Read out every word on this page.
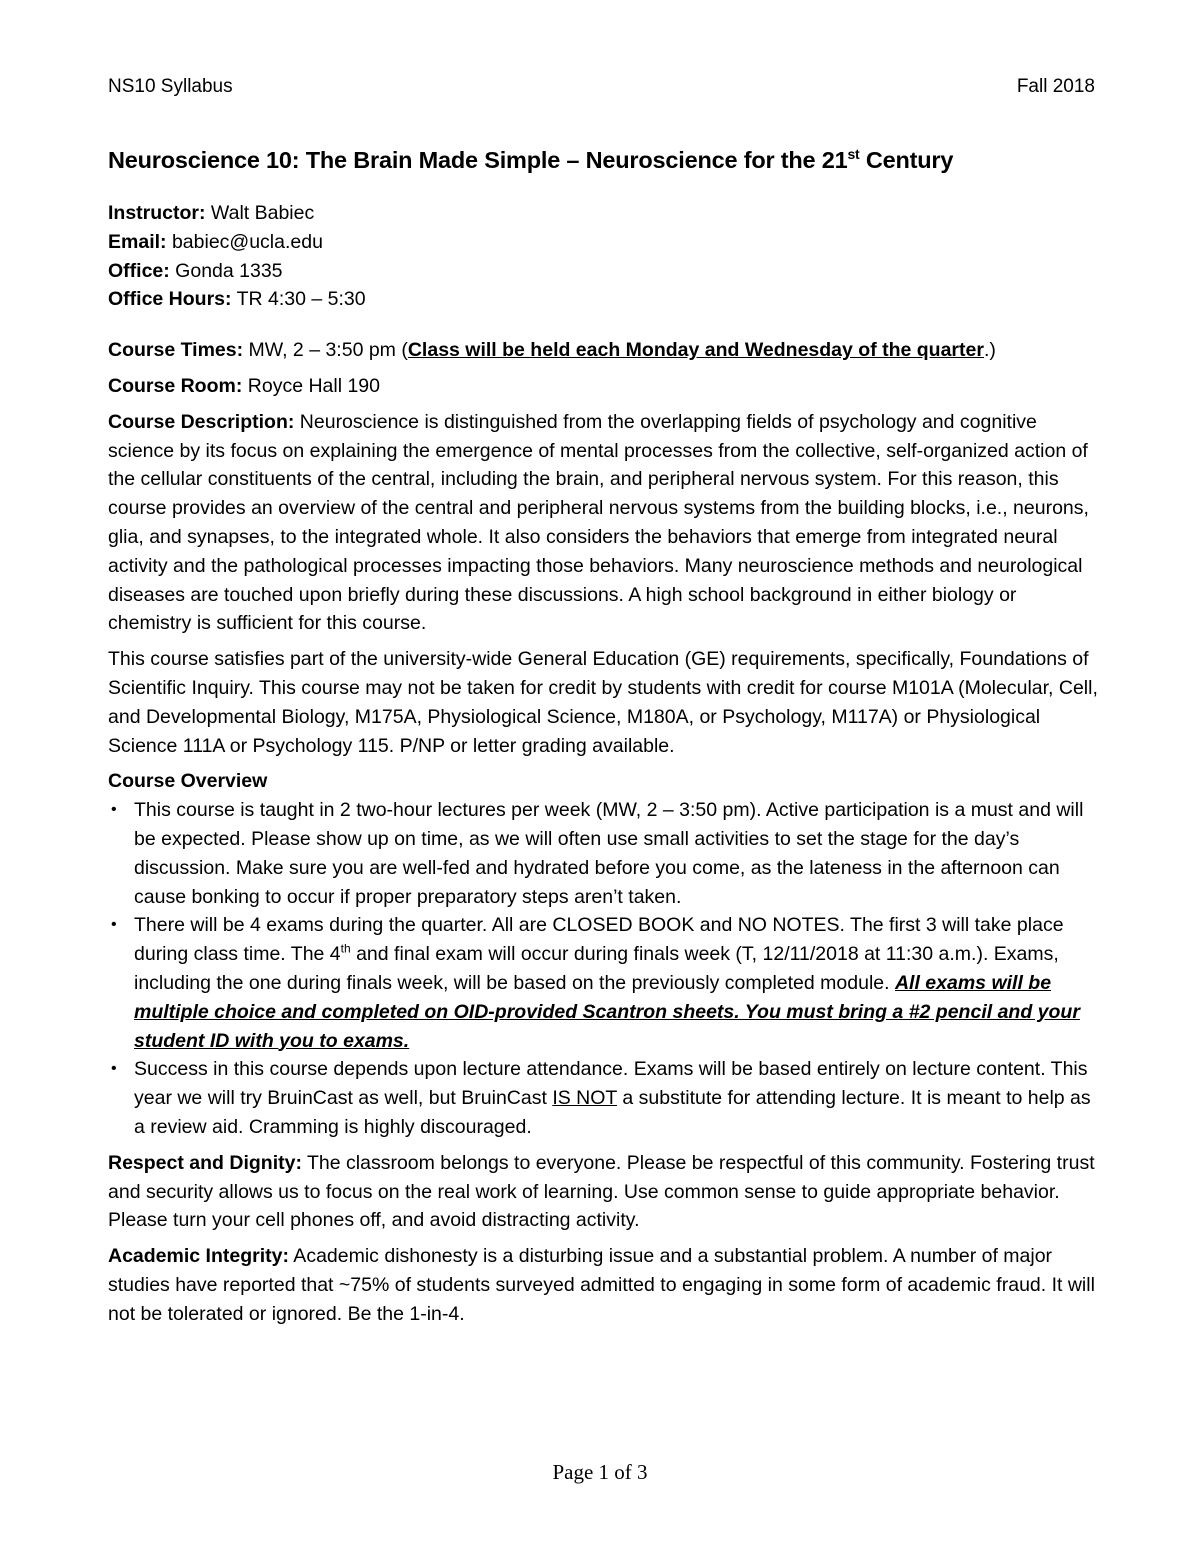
NS10 Syllabus	Fall 2018
Neuroscience 10: The Brain Made Simple – Neuroscience for the 21st Century
Instructor: Walt Babiec
Email: babiec@ucla.edu
Office: Gonda 1335
Office Hours: TR 4:30 – 5:30
Course Times: MW, 2 – 3:50 pm (Class will be held each Monday and Wednesday of the quarter.)
Course Room: Royce Hall 190
Course Description: Neuroscience is distinguished from the overlapping fields of psychology and cognitive science by its focus on explaining the emergence of mental processes from the collective, self-organized action of the cellular constituents of the central, including the brain, and peripheral nervous system. For this reason, this course provides an overview of the central and peripheral nervous systems from the building blocks, i.e., neurons, glia, and synapses, to the integrated whole. It also considers the behaviors that emerge from integrated neural activity and the pathological processes impacting those behaviors. Many neuroscience methods and neurological diseases are touched upon briefly during these discussions. A high school background in either biology or chemistry is sufficient for this course.
This course satisfies part of the university-wide General Education (GE) requirements, specifically, Foundations of Scientific Inquiry. This course may not be taken for credit by students with credit for course M101A (Molecular, Cell, and Developmental Biology, M175A, Physiological Science, M180A, or Psychology, M117A) or Physiological Science 111A or Psychology 115. P/NP or letter grading available.
Course Overview
• This course is taught in 2 two-hour lectures per week (MW, 2 – 3:50 pm). Active participation is a must and will be expected. Please show up on time, as we will often use small activities to set the stage for the day’s discussion. Make sure you are well-fed and hydrated before you come, as the lateness in the afternoon can cause bonking to occur if proper preparatory steps aren’t taken.
• There will be 4 exams during the quarter. All are CLOSED BOOK and NO NOTES. The first 3 will take place during class time. The 4th and final exam will occur during finals week (T, 12/11/2018 at 11:30 a.m.). Exams, including the one during finals week, will be based on the previously completed module. All exams will be multiple choice and completed on OID-provided Scantron sheets. You must bring a #2 pencil and your student ID with you to exams.
• Success in this course depends upon lecture attendance. Exams will be based entirely on lecture content. This year we will try BruinCast as well, but BruinCast IS NOT a substitute for attending lecture. It is meant to help as a review aid. Cramming is highly discouraged.
Respect and Dignity: The classroom belongs to everyone. Please be respectful of this community. Fostering trust and security allows us to focus on the real work of learning. Use common sense to guide appropriate behavior. Please turn your cell phones off, and avoid distracting activity.
Academic Integrity: Academic dishonesty is a disturbing issue and a substantial problem. A number of major studies have reported that ~75% of students surveyed admitted to engaging in some form of academic fraud. It will not be tolerated or ignored. Be the 1-in-4.
Page 1 of 3
